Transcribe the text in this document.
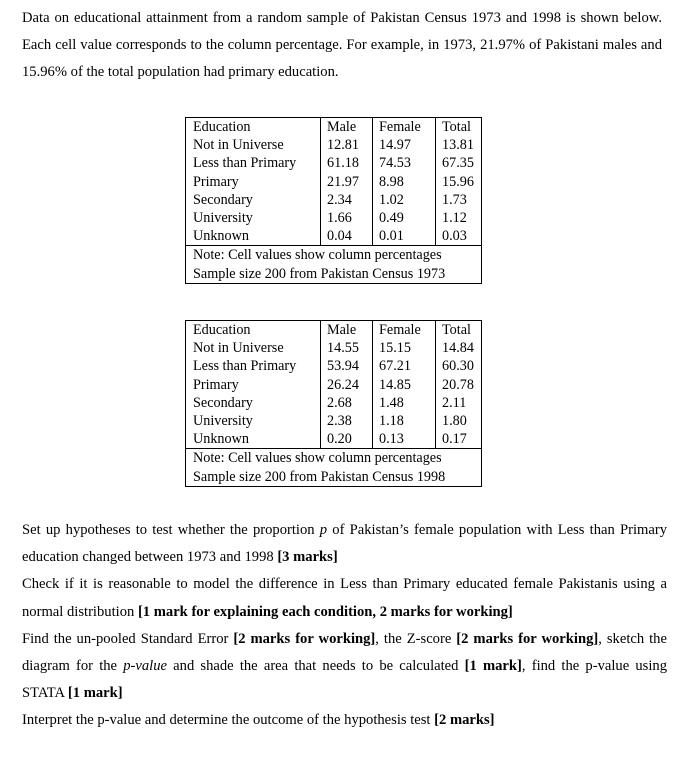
Data on educational attainment from a random sample of Pakistan Census 1973 and 1998 is shown below. Each cell value corresponds to the column percentage. For example, in 1973, 21.97% of Pakistani males and 15.96% of the total population had primary education.
Education	Male	Female	Total
Not in Universe	12.81	14.97	13.81
Less than Primary	61.18	74.53	67.35
Primary	21.97	8.98	15.96
Secondary	2.34	1.02	1.73
University	1.66	0.49	1.12
Unknown	0.04	0.01	0.03

Note: Cell values show column percentages
Sample size 200 from Pakistan Census 1973			
Education	Male	Female	Total
Not in Universe	14.55	15.15	14.84
Less than Primary	53.94	67.21	60.30
Primary	26.24	14.85	20.78
Secondary	2.68	1.48	2.11
University	2.38	1.18	1.80
Unknown	0.20	0.13	0.17

Note: Cell values show column percentages
Sample size 200 from Pakistan Census 1998			

Set up hypotheses to test whether the proportion p of Pakistan’s female population with Less than Primary education changed between 1973 and 1998 [3 marks]

Check if it is reasonable to model the difference in Less than Primary educated female Pakistanis using a normal distribution [1 mark for explaining each condition, 2 marks for working]

Find the un-pooled Standard Error [2 marks for working], the Z-score [2 marks for working], sketch the diagram for the p-value and shade the area that needs to be calculated [1 mark], find the p-value using STATA [1 mark]

Interpret the p-value and determine the outcome of the hypothesis test [2 marks]
